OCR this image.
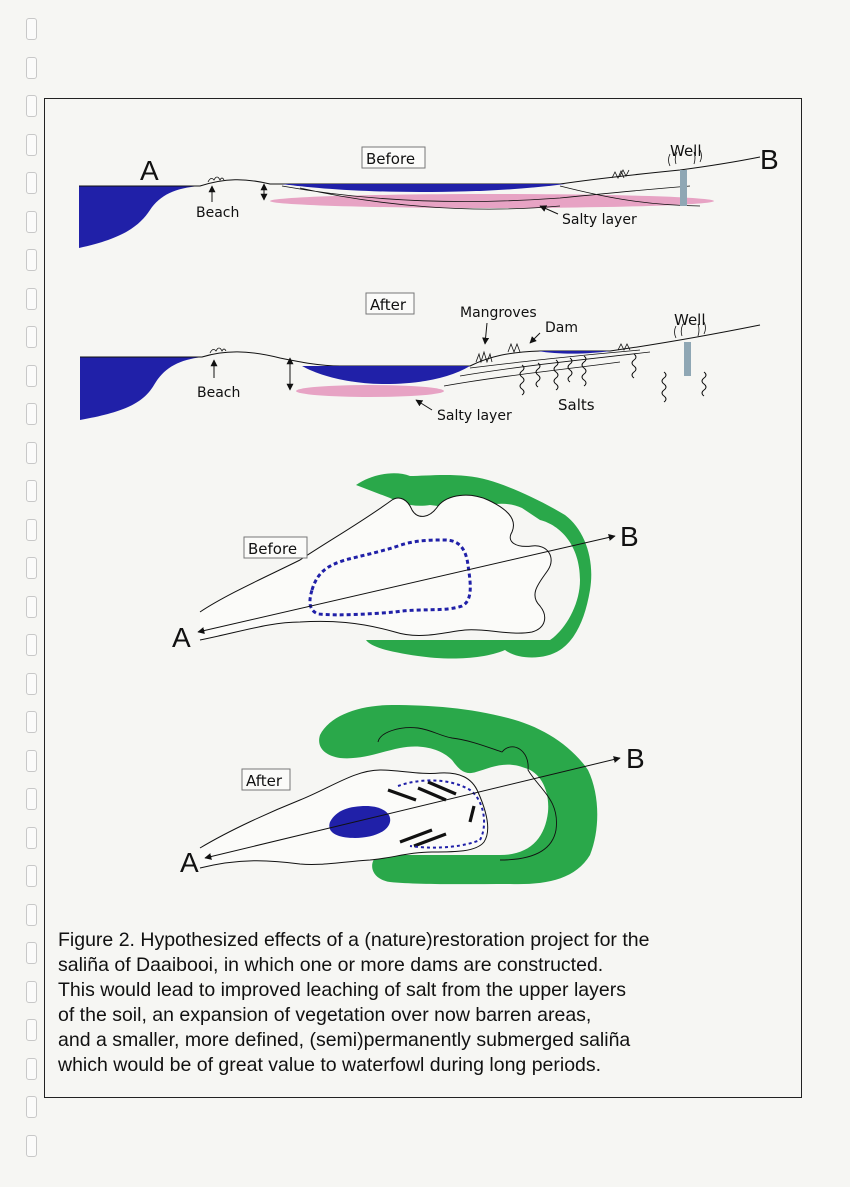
A	B
Before
Beach	Salty layer
Well
After
Beach
Salty layer
Mangroves
Dam	Well
Salts
Before
A
B
After
A
B

Figure 2. Hypothesized effects of a (nature)restoration project for the
saliña of Daaibooi, in which one or more dams are constructed.
This would lead to improved leaching of salt from the upper layers
of the soil, an expansion of vegetation over now barren areas,
and a smaller, more defined, (semi)permanently submerged saliña
which would be of great value to waterfowl during long periods.
